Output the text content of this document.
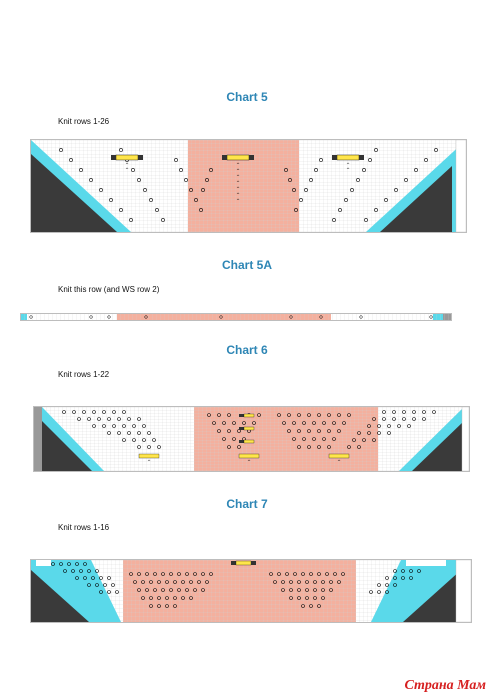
Chart 5
Knit rows 1-26
^
^
^
^
^
^
^
^
^
^
^
Chart 5A
Knit this row (and WS row 2)
Chart 6
Knit rows 1-22
^	^	^
Chart 7
Knit rows 1-16
Страна Мам
